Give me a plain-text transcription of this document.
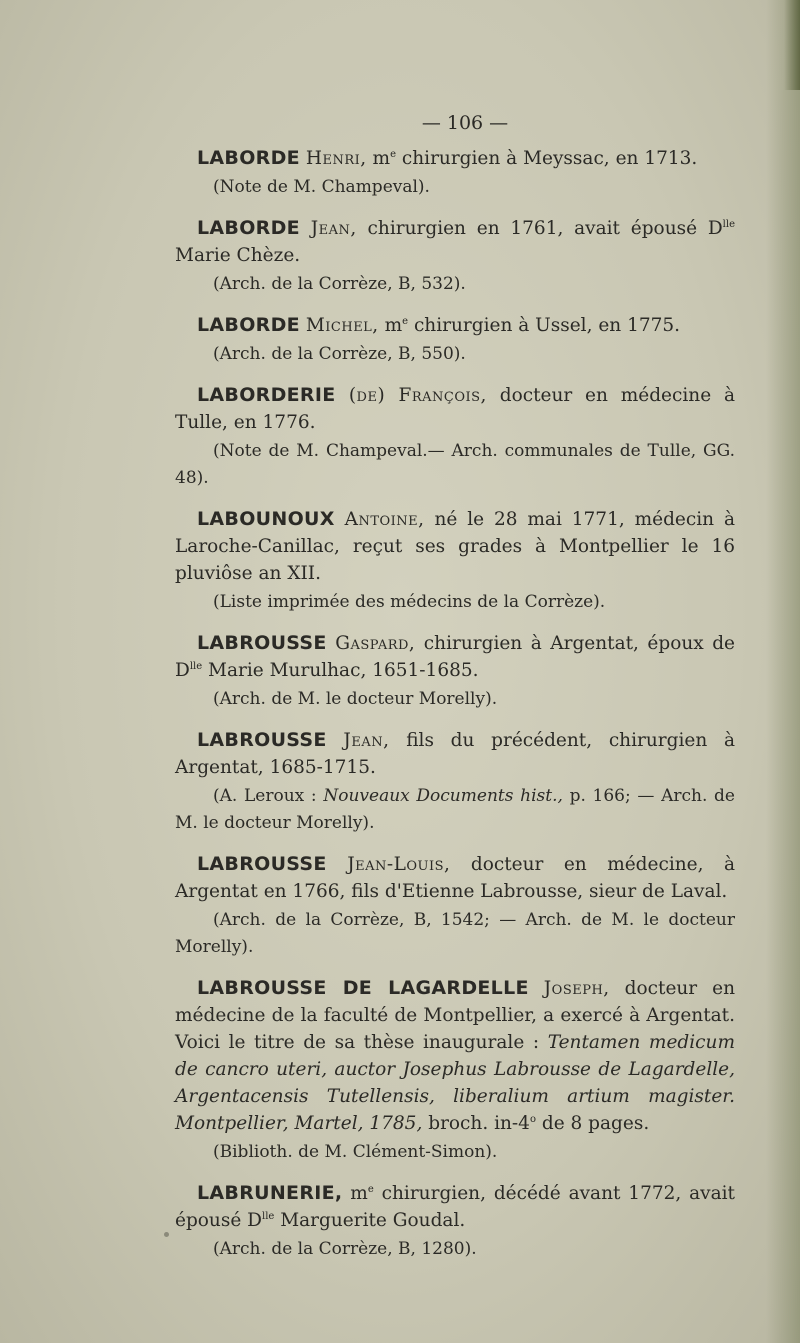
— 106 —

LABORDE Henri, $m^e$ chirurgien à Meyssac, en 1713.

(Note de M. Champeval).

LABORDE Jean, chirurgien en 1761, avait épousé $D^{lle}$ Marie Chèze.

(Arch. de la Corrèze, B, 532).

LABORDE Michel, $m^e$ chirurgien à Ussel, en 1775.

(Arch. de la Corrèze, B, 550).

LABORDERIE (de) François, docteur en médecine à Tulle, en 1776.

(Note de M. Champeval.— Arch. communales de Tulle, GG. 48).

LABOUNOUX Antoine, né le 28 mai 1771, médecin à Laroche-Canillac, reçut ses grades à Montpellier le 16 pluviôse an XII.

(Liste imprimée des médecins de la Corrèze).

LABROUSSE Gaspard, chirurgien à Argentat, époux de $D^{lle}$ Marie Murulhac, 1651-1685.

(Arch. de M. le docteur Morelly).

LABROUSSE Jean, fils du précédent, chirurgien à Argentat, 1685-1715.

(A. Leroux : Nouveaux Documents hist., p. 166; — Arch. de M. le docteur Morelly).

LABROUSSE Jean-Louis, docteur en médecine, à Argentat en 1766, fils d'Etienne Labrousse, sieur de Laval.

(Arch. de la Corrèze, B, 1542; — Arch. de M. le docteur Morelly).

LABROUSSE DE LAGARDELLE Joseph, docteur en médecine de la faculté de Montpellier, a exercé à Argentat. Voici le titre de sa thèse inaugurale : Tentamen medicum de cancro uteri, auctor Josephus Labrousse de Lagardelle, Argentacensis Tutellensis, liberalium artium magister. Montpellier, Martel, 1785, broch. in-4$^o$ de 8 pages.

(Biblioth. de M. Clément-Simon).

LABRUNERIE, $m^e$ chirurgien, décédé avant 1772, avait épousé $D^{lle}$ Marguerite Goudal.

(Arch. de la Corrèze, B, 1280).
